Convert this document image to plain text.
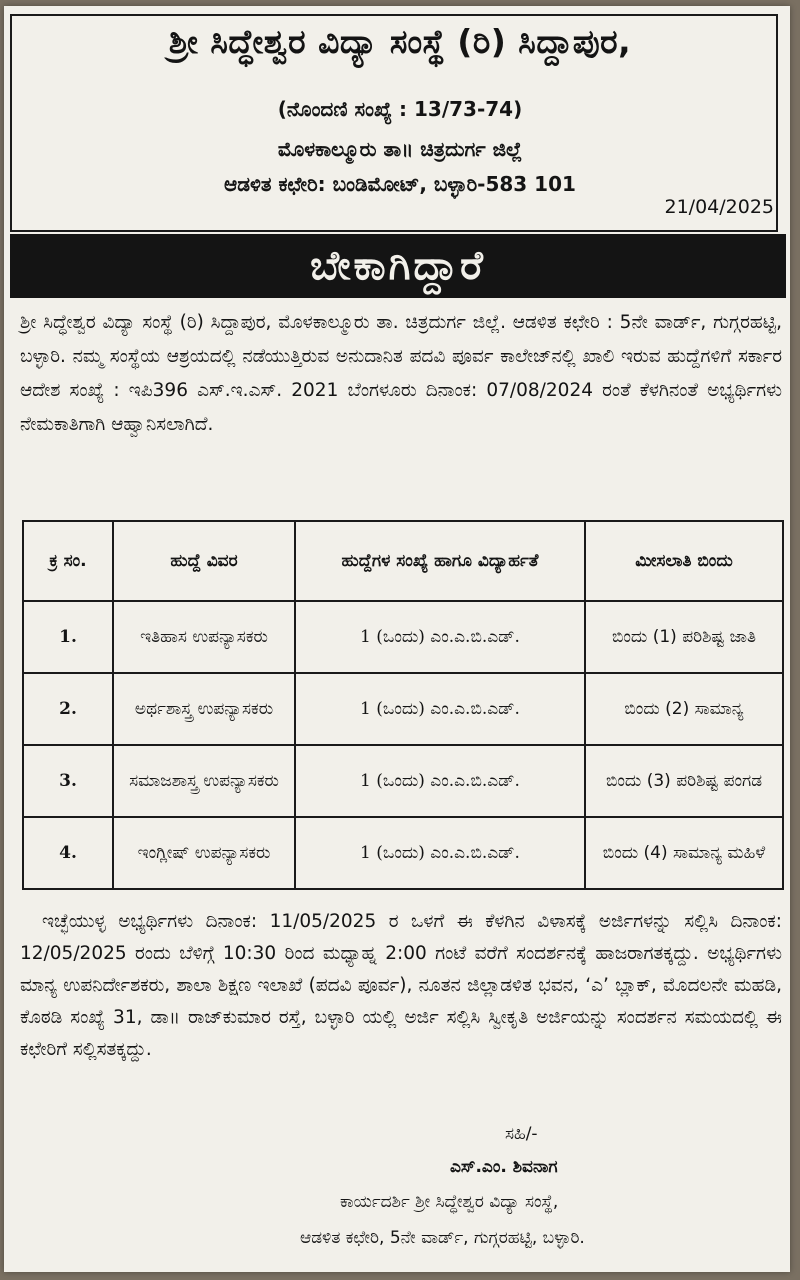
ಶ್ರೀ ಸಿದ್ಧೇಶ್ವರ ವಿದ್ಯಾ ಸಂಸ್ಥೆ (ರಿ) ಸಿದ್ದಾಪುರ,
(ನೊಂದಣಿ ಸಂಖ್ಯೆ : 13/73-74)
ಮೊಳಕಾಲ್ಮೂರು ತಾ॥ ಚಿತ್ರದುರ್ಗ ಜಿಲ್ಲೆ
ಆಡಳಿತ ಕಛೇರಿ: ಬಂಡಿಮೋಟ್, ಬಳ್ಳಾರಿ-583 101
21/04/2025
ಬೇಕಾಗಿದ್ದಾರೆ
ಶ್ರೀ ಸಿದ್ಧೇಶ್ವರ ವಿದ್ಯಾ ಸಂಸ್ಥೆ (ರಿ) ಸಿದ್ದಾಪುರ, ಮೊಳಕಾಲ್ಮೂರು ತಾ. ಚಿತ್ರದುರ್ಗ ಜಿಲ್ಲೆ. ಆಡಳಿತ ಕಛೇರಿ : 5ನೇ ವಾರ್ಡ್, ಗುಗ್ಗರಹಟ್ಟಿ, ಬಳ್ಳಾರಿ. ನಮ್ಮ ಸಂಸ್ಥೆಯ ಆಶ್ರಯದಲ್ಲಿ ನಡೆಯುತ್ತಿರುವ ಅನುದಾನಿತ ಪದವಿ ಪೂರ್ವ ಕಾಲೇಜ್‌ನಲ್ಲಿ ಖಾಲಿ ಇರುವ ಹುದ್ದೆಗಳಿಗೆ ಸರ್ಕಾರ ಆದೇಶ ಸಂಖ್ಯೆ : ಇಪಿ396 ಎಸ್.ಇ.ಎಸ್. 2021 ಬೆಂಗಳೂರು ದಿನಾಂಕ: 07/08/2024 ರಂತೆ ಕೆಳಗಿನಂತೆ ಅಭ್ಯರ್ಥಿಗಳು ನೇಮಕಾತಿಗಾಗಿ ಆಹ್ವಾನಿಸಲಾಗಿದೆ.
ಕ್ರ ಸಂ.	ಹುದ್ದೆ ವಿವರ	ಹುದ್ದೆಗಳ ಸಂಖ್ಯೆ ಹಾಗೂ ವಿದ್ಯಾರ್ಹತೆ	ಮೀಸಲಾತಿ ಬಿಂದು
1.	ಇತಿಹಾಸ ಉಪನ್ಯಾಸಕರು	1 (ಒಂದು) ಎಂ.ಎ.ಬಿ.ಎಡ್.	ಬಿಂದು (1) ಪರಿಶಿಷ್ಟ ಜಾತಿ
2.	ಅರ್ಥಶಾಸ್ತ್ರ ಉಪನ್ಯಾಸಕರು	1 (ಒಂದು) ಎಂ.ಎ.ಬಿ.ಎಡ್.	ಬಿಂದು (2) ಸಾಮಾನ್ಯ
3.	ಸಮಾಜಶಾಸ್ತ್ರ ಉಪನ್ಯಾಸಕರು	1 (ಒಂದು) ಎಂ.ಎ.ಬಿ.ಎಡ್.	ಬಿಂದು (3) ಪರಿಶಿಷ್ಟ ಪಂಗಡ
4.	ಇಂಗ್ಲೀಷ್ ಉಪನ್ಯಾಸಕರು	1 (ಒಂದು) ಎಂ.ಎ.ಬಿ.ಎಡ್.	ಬಿಂದು (4) ಸಾಮಾನ್ಯ ಮಹಿಳೆ
ಇಚ್ಛೆಯುಳ್ಳ ಅಭ್ಯರ್ಥಿಗಳು ದಿನಾಂಕ: 11/05/2025 ರ ಒಳಗೆ ಈ ಕೆಳಗಿನ ವಿಳಾಸಕ್ಕೆ ಅರ್ಜಿಗಳನ್ನು ಸಲ್ಲಿಸಿ ದಿನಾಂಕ: 12/05/2025 ರಂದು ಬೆಳಿಗ್ಗೆ 10:30 ರಿಂದ ಮಧ್ಯಾಹ್ನ 2:00 ಗಂಟೆ ವರೆಗೆ ಸಂದರ್ಶನಕ್ಕೆ ಹಾಜರಾಗತಕ್ಕದ್ದು. ಅಭ್ಯರ್ಥಿಗಳು ಮಾನ್ಯ ಉಪನಿರ್ದೇಶಕರು, ಶಾಲಾ ಶಿಕ್ಷಣ ಇಲಾಖೆ (ಪದವಿ ಪೂರ್ವ), ನೂತನ ಜಿಲ್ಲಾಡಳಿತ ಭವನ, ‘ಎ’ ಬ್ಲಾಕ್, ಮೊದಲನೇ ಮಹಡಿ, ಕೊಠಡಿ ಸಂಖ್ಯೆ 31, ಡಾ॥ ರಾಜ್‌ಕುಮಾರ ರಸ್ತೆ, ಬಳ್ಳಾರಿ ಯಲ್ಲಿ ಅರ್ಜಿ ಸಲ್ಲಿಸಿ ಸ್ವೀಕೃತಿ ಅರ್ಜಿಯನ್ನು ಸಂದರ್ಶನ ಸಮಯದಲ್ಲಿ ಈ ಕಛೇರಿಗೆ ಸಲ್ಲಿಸತಕ್ಕದ್ದು.
ಸಹಿ/-
ಎಸ್.ಎಂ. ಶಿವನಾಗ
ಕಾರ್ಯದರ್ಶಿ ಶ್ರೀ ಸಿದ್ಧೇಶ್ವರ ವಿದ್ಯಾ ಸಂಸ್ಥೆ,
ಆಡಳಿತ ಕಛೇರಿ, 5ನೇ ವಾರ್ಡ್, ಗುಗ್ಗರಹಟ್ಟಿ, ಬಳ್ಳಾರಿ.
